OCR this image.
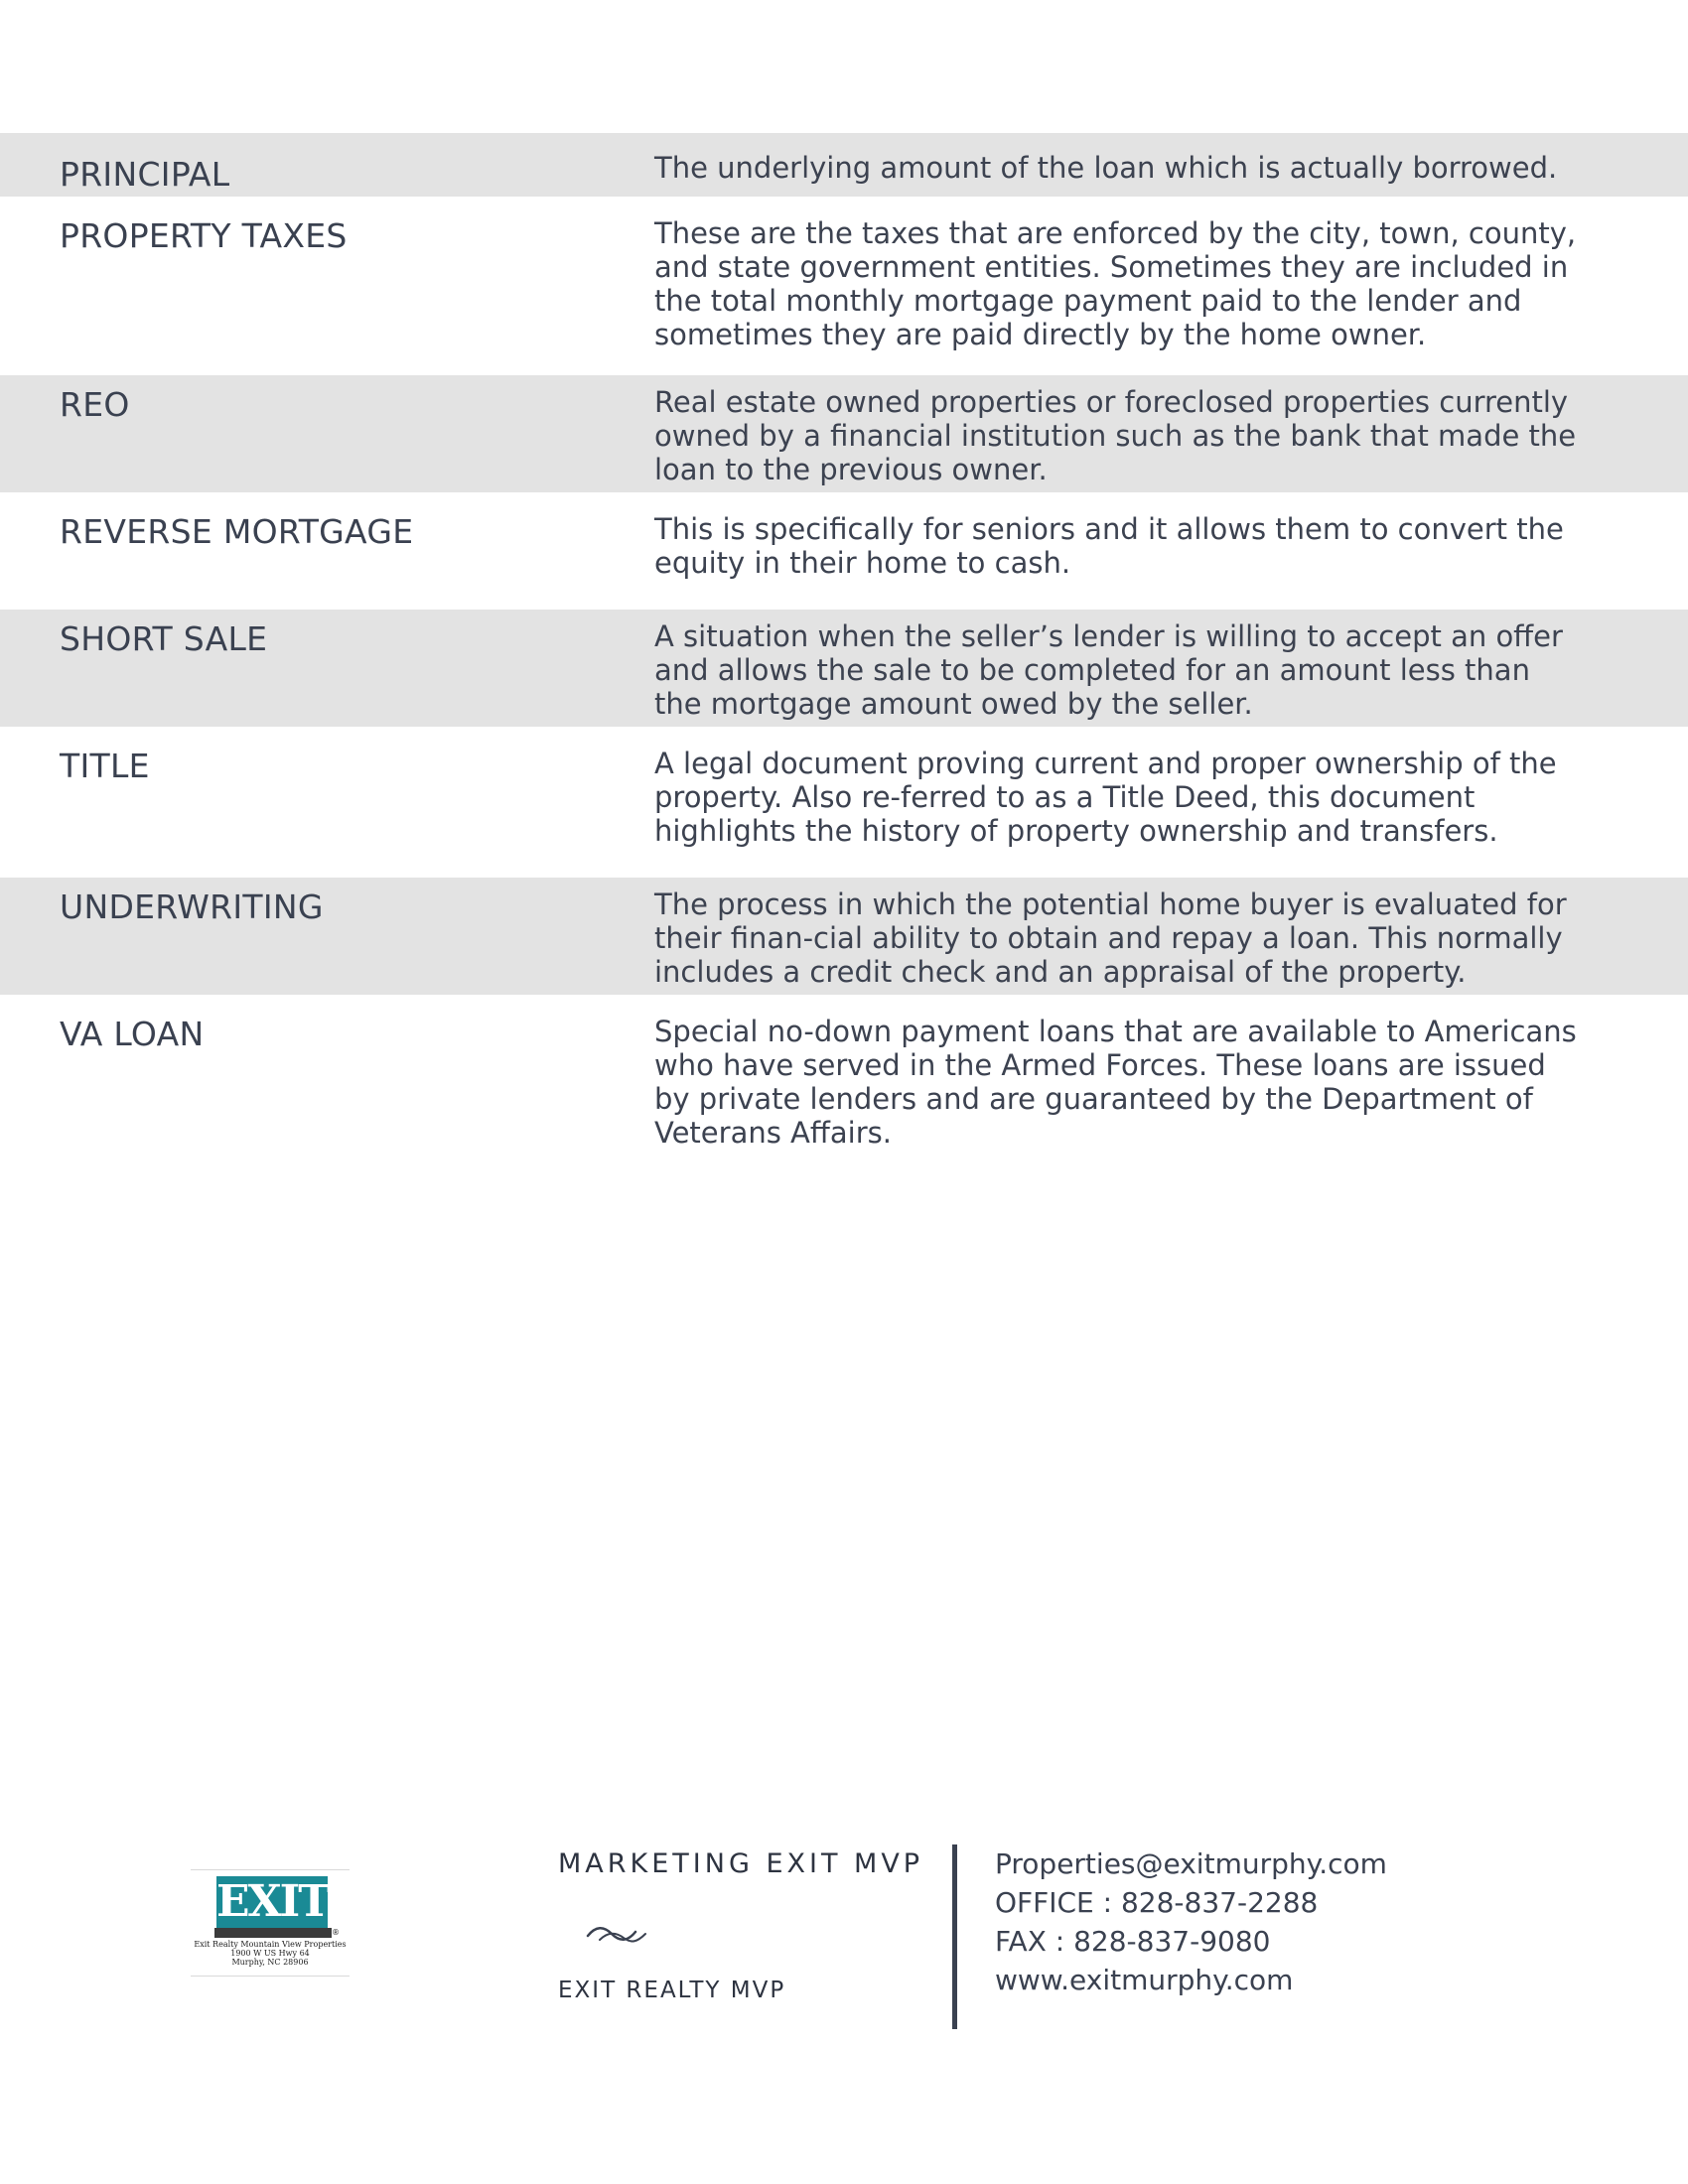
PRINCIPAL	The underlying amount of the loan which is actually borrowed.
PROPERTY TAXES	These are the taxes that are enforced by the city, town, county, and state government entities. Sometimes they are included in the total monthly mortgage payment paid to the lender and sometimes they are paid directly by the home owner.
REO	Real estate owned properties or foreclosed properties currently owned by a financial institution such as the bank that made the loan to the previous owner.
REVERSE MORTGAGE	This is specifically for seniors and it allows them to convert the equity in their home to cash.
SHORT SALE	A situation when the seller’s lender is willing to accept an offer and allows the sale to be completed for an amount less than the mortgage amount owed by the seller.
TITLE	A legal document proving current and proper ownership of the property. Also re-ferred to as a Title Deed, this document highlights the history of property ownership and transfers.
UNDERWRITING	The process in which the potential home buyer is evaluated for their finan-cial ability to obtain and repay a loan. This normally includes a credit check and an appraisal of the property.
VA LOAN	Special no-down payment loans that are available to Americans who have served in the Armed Forces. These loans are issued by private lenders and are guaranteed by the Department of Veterans Affairs.
EXIT
®
Exit Realty Mountain View Properties
1900 W US Hwy 64
Murphy, NC 28906
MARKETING EXIT MVP
EXIT REALTY MVP
Properties@exitmurphy.com
OFFICE : 828-837-2288
FAX : 828-837-9080
www.exitmurphy.com
